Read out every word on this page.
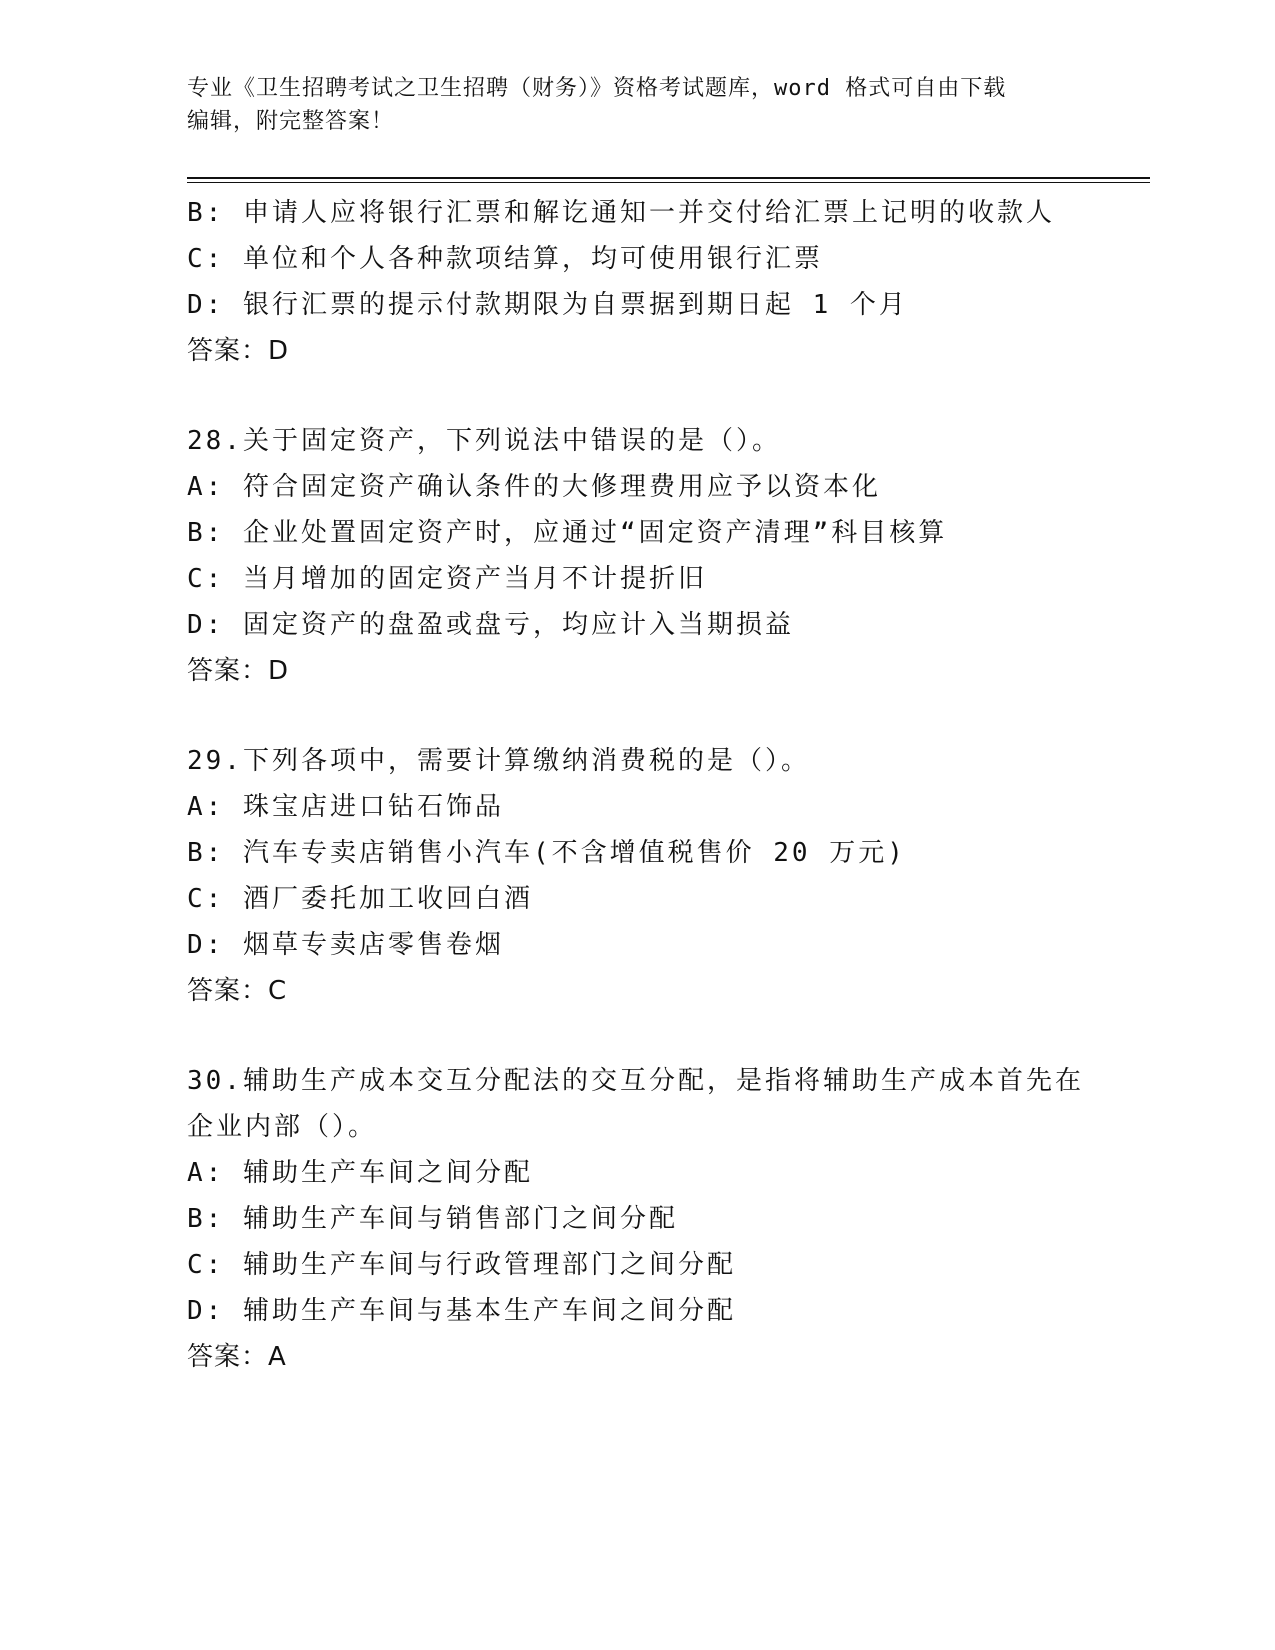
专业《卫生招聘考试之卫生招聘（财务）》资格考试题库，word 格式可自由下载
编辑，附完整答案！
B: 申请人应将银行汇票和解讫通知一并交付给汇票上记明的收款人
C: 单位和个人各种款项结算，均可使用银行汇票
D: 银行汇票的提示付款期限为自票据到期日起 1 个月
答案：D
28.关于固定资产，下列说法中错误的是（）。
A: 符合固定资产确认条件的大修理费用应予以资本化
B: 企业处置固定资产时，应通过“固定资产清理”科目核算
C: 当月增加的固定资产当月不计提折旧
D: 固定资产的盘盈或盘亏，均应计入当期损益
答案：D
29.下列各项中，需要计算缴纳消费税的是（）。
A: 珠宝店进口钻石饰品
B: 汽车专卖店销售小汽车(不含增值税售价 20 万元)
C: 酒厂委托加工收回白酒
D: 烟草专卖店零售卷烟
答案：C
30.辅助生产成本交互分配法的交互分配，是指将辅助生产成本首先在
企业内部（）。
A: 辅助生产车间之间分配
B: 辅助生产车间与销售部门之间分配
C: 辅助生产车间与行政管理部门之间分配
D: 辅助生产车间与基本生产车间之间分配
答案：A
